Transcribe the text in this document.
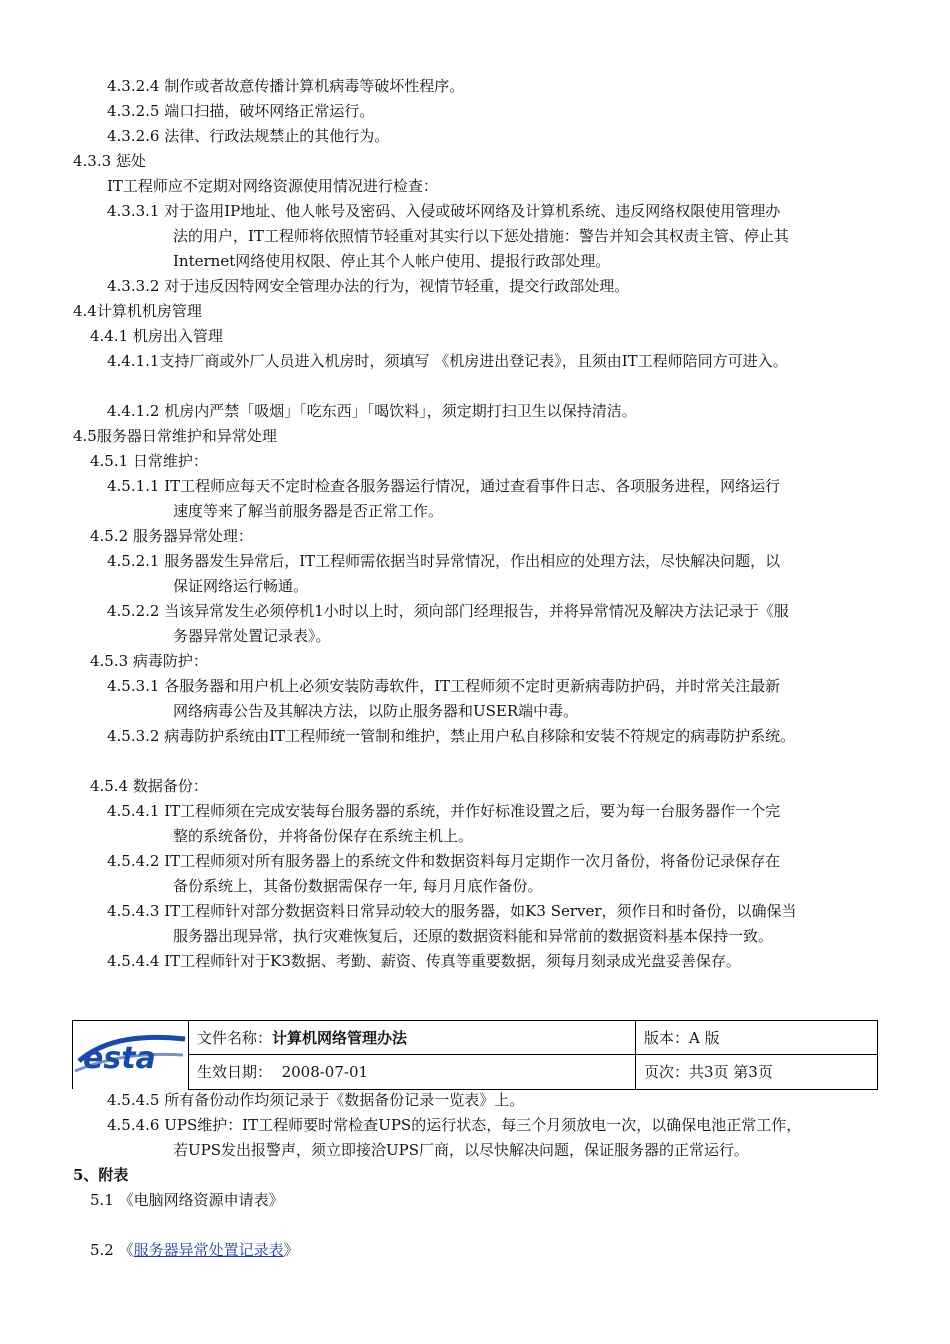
4.3.2.4 制作或者故意传播计算机病毒等破坏性程序。
4.3.2.5 端口扫描，破坏网络正常运行。
4.3.2.6 法律、行政法规禁止的其他行为。
4.3.3 惩处
IT工程师应不定期对网络资源使用情况进行检查：
4.3.3.1 对于盗用IP地址、他人帐号及密码、入侵或破坏网络及计算机系统、违反网络权限使用管理办
法的用户，IT工程师将依照情节轻重对其实行以下惩处措施：警告并知会其权责主管、停止其
Internet网络使用权限、停止其个人帐户使用、提报行政部处理。
4.3.3.2 对于违反因特网安全管理办法的行为，视情节轻重，提交行政部处理。
4.4计算机机房管理
4.4.1 机房出入管理
4.4.1.1支持厂商或外厂人员进入机房时，须填写 《机房进出登记表》，且须由IT工程师陪同方可进入。
4.4.1.2 机房内严禁「吸烟」「吃东西」「喝饮料」，须定期打扫卫生以保持清洁。
4.5服务器日常维护和异常处理
4.5.1 日常维护：
4.5.1.1 IT工程师应每天不定时检查各服务器运行情况，通过查看事件日志、各项服务进程，网络运行
速度等来了解当前服务器是否正常工作。
4.5.2 服务器异常处理：
4.5.2.1 服务器发生异常后，IT工程师需依据当时异常情况，作出相应的处理方法，尽快解决问题，以
保证网络运行畅通。
4.5.2.2 当该异常发生必须停机1小时以上时，须向部门经理报告，并将异常情况及解决方法记录于《服
务器异常处置记录表》。
4.5.3 病毒防护：
4.5.3.1 各服务器和用户机上必须安装防毒软件，IT工程师须不定时更新病毒防护码，并时常关注最新
网络病毒公告及其解决方法，以防止服务器和USER端中毒。
4.5.3.2 病毒防护系统由IT工程师统一管制和维护，禁止用户私自移除和安装不符规定的病毒防护系统。
4.5.4 数据备份：
4.5.4.1 IT工程师须在完成安装每台服务器的系统，并作好标准设置之后，要为每一台服务器作一个完
整的系统备份，并将备份保存在系统主机上。
4.5.4.2 IT工程师须对所有服务器上的系统文件和数据资料每月定期作一次月备份，将备份记录保存在
备份系统上，其备份数据需保存一年, 每月月底作备份。
4.5.4.3 IT工程师针对部分数据资料日常异动较大的服务器，如K3 Server，须作日和时备份，以确保当
服务器出现异常，执行灾难恢复后，还原的数据资料能和异常前的数据资料基本保持一致。
4.5.4.4 IT工程师针对于K3数据、考勤、薪资、传真等重要数据，须每月刻录成光盘妥善保存。
esta	文件名称：计算机网络管理办法	版本：A 版
	生效日期： 2008-07-01	页次：共3页 第3页
4.5.4.5 所有备份动作均须记录于《数据备份记录一览表》上。
4.5.4.6 UPS维护：IT工程师要时常检查UPS的运行状态，每三个月须放电一次，以确保电池正常工作，
若UPS发出报警声，须立即接洽UPS厂商，以尽快解决问题，保证服务器的正常运行。
5、附表
5.1 《电脑网络资源申请表》
5.2 《服务器异常处置记录表》
